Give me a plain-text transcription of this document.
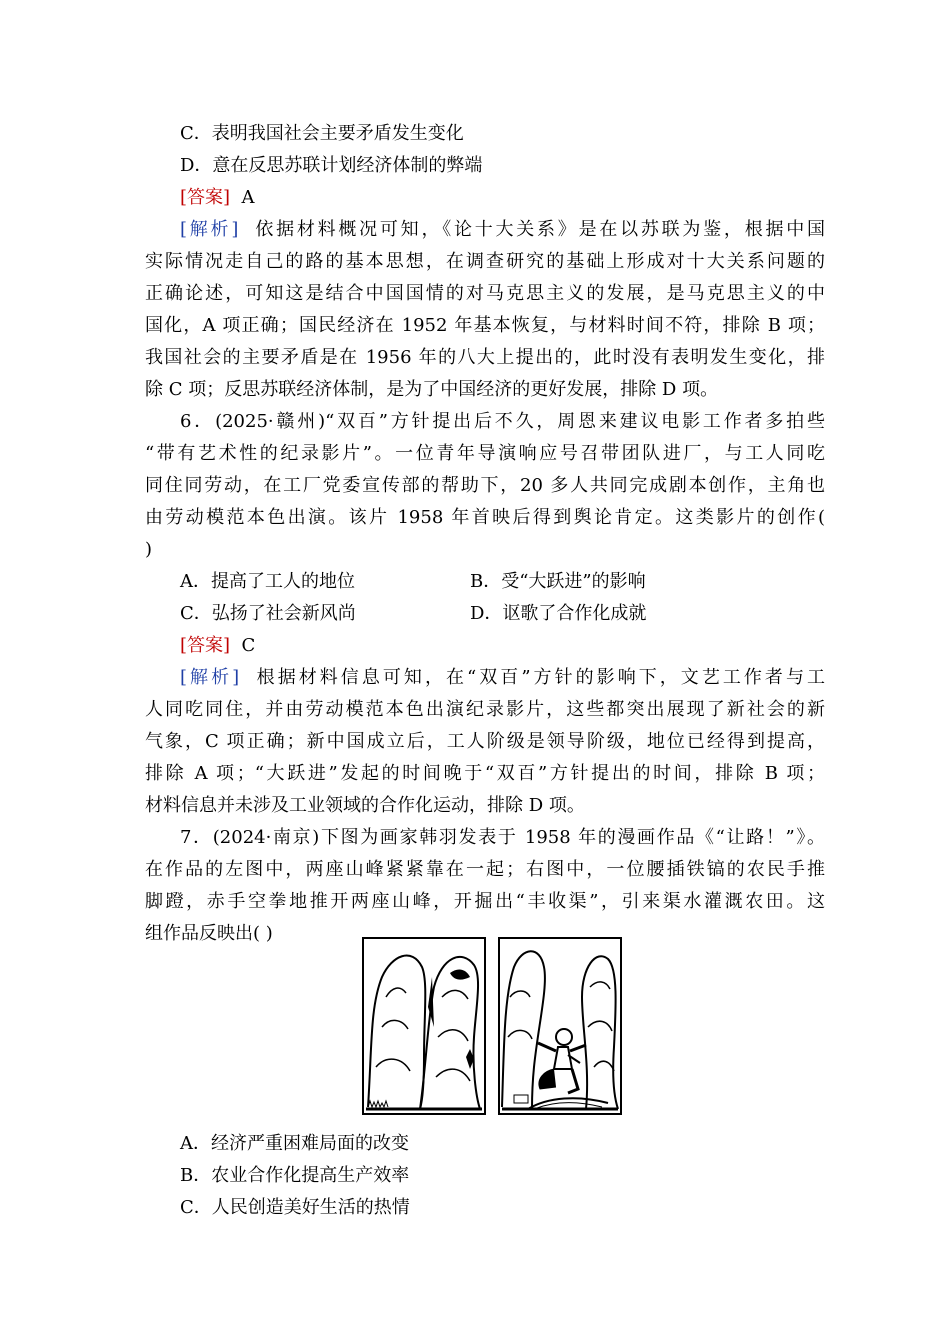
C．表明我国社会主要矛盾发生变化
D．意在反思苏联计划经济体制的弊端
[答案] A
[解析] 依据材料概况可知，《论十大关系》是在以苏联为鉴，根据中国
实际情况走自己的路的基本思想，在调查研究的基础上形成对十大关系问题的
正确论述，可知这是结合中国国情的对马克思主义的发展，是马克思主义的中
国化，A 项正确；国民经济在 1952 年基本恢复，与材料时间不符，排除 B 项；
我国社会的主要矛盾是在 1956 年的八大上提出的，此时没有表明发生变化，排
除 C 项；反思苏联经济体制，是为了中国经济的更好发展，排除 D 项。
6．(2025·赣州)“双百”方针提出后不久，周恩来建议电影工作者多拍些
“带有艺术性的纪录影片”。一位青年导演响应号召带团队进厂，与工人同吃
同住同劳动，在工厂党委宣传部的帮助下，20 多人共同完成剧本创作，主角也
由劳动模范本色出演。该片 1958 年首映后得到舆论肯定。这类影片的创作(
)
A．提高了工人的地位	B．受“大跃进”的影响
C．弘扬了社会新风尚	D．讴歌了合作化成就
[答案] C
[解析] 根据材料信息可知，在“双百”方针的影响下，文艺工作者与工
人同吃同住，并由劳动模范本色出演纪录影片，这些都突出展现了新社会的新
气象，C 项正确；新中国成立后，工人阶级是领导阶级，地位已经得到提高，
排除 A 项；“大跃进”发起的时间晚于“双百”方针提出的时间，排除 B 项；
材料信息并未涉及工业领域的合作化运动，排除 D 项。
7．(2024·南京)下图为画家韩羽发表于 1958 年的漫画作品《“让路！”》。
在作品的左图中，两座山峰紧紧靠在一起；右图中，一位腰插铁镐的农民手推
脚蹬，赤手空拳地推开两座山峰，开掘出“丰收渠”，引来渠水灌溉农田。这
组作品反映出( )
A．经济严重困难局面的改变
B．农业合作化提高生产效率
C．人民创造美好生活的热情
